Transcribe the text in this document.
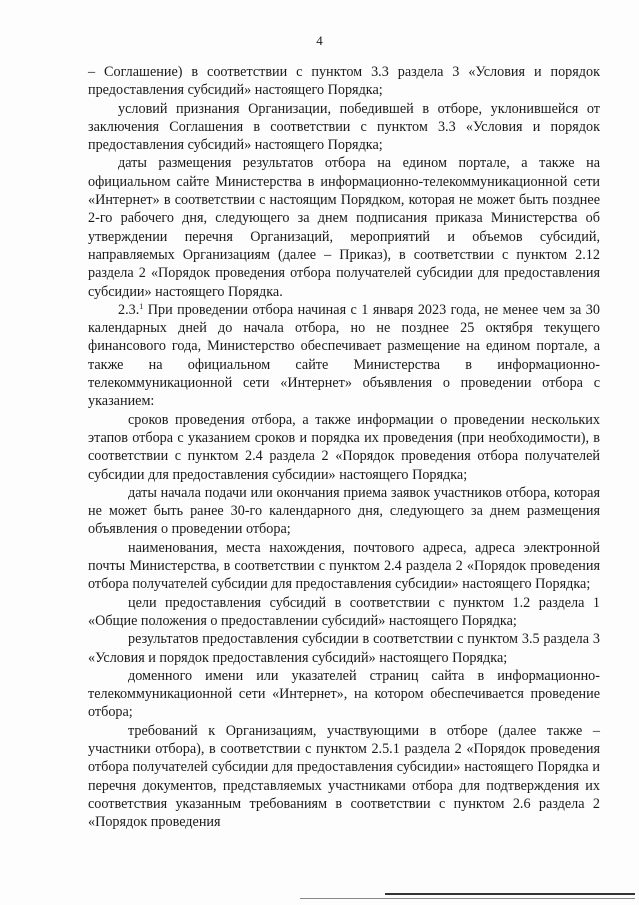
4

– Соглашение) в соответствии с пунктом 3.3 раздела 3 «Условия и порядок предоставления субсидий» настоящего Порядка;

условий признания Организации, победившей в отборе, уклонившейся от заключения Соглашения в соответствии с пунктом 3.3 «Условия и порядок предоставления субсидий» настоящего Порядка;

даты размещения результатов отбора на едином портале, а также на официальном сайте Министерства в информационно-телекоммуникационной сети «Интернет» в соответствии с настоящим Порядком, которая не может быть позднее 2-го рабочего дня, следующего за днем подписания приказа Министерства об утверждении перечня Организаций, мероприятий и объемов субсидий, направляемых Организациям (далее – Приказ), в соответствии с пунктом 2.12 раздела 2 «Порядок проведения отбора получателей субсидии для предоставления субсидии» настоящего Порядка.

2.3.$^1$ При проведении отбора начиная с 1 января 2023 года, не менее чем за 30 календарных дней до начала отбора, но не позднее 25 октября текущего финансового года, Министерство обеспечивает размещение на едином портале, а также на официальном сайте Министерства в информационно-телекоммуникационной сети «Интернет» объявления о проведении отбора с указанием:

сроков проведения отбора, а также информации о проведении нескольких этапов отбора с указанием сроков и порядка их проведения (при необходимости), в соответствии с пунктом 2.4 раздела 2 «Порядок проведения отбора получателей субсидии для предоставления субсидии» настоящего Порядка;

даты начала подачи или окончания приема заявок участников отбора, которая не может быть ранее 30-го календарного дня, следующего за днем размещения объявления о проведении отбора;

наименования, места нахождения, почтового адреса, адреса электронной почты Министерства, в соответствии с пунктом 2.4 раздела 2 «Порядок проведения отбора получателей субсидии для предоставления субсидии» настоящего Порядка;

цели предоставления субсидий в соответствии с пунктом 1.2 раздела 1 «Общие положения о предоставлении субсидий» настоящего Порядка;

результатов предоставления субсидии в соответствии с пунктом 3.5 раздела 3 «Условия и порядок предоставления субсидий» настоящего Порядка;

доменного имени или указателей страниц сайта в информационно-телекоммуникационной сети «Интернет», на котором обеспечивается проведение отбора;

требований к Организациям, участвующими в отборе (далее также – участники отбора), в соответствии с пунктом 2.5.1 раздела 2 «Порядок проведения отбора получателей субсидии для предоставления субсидии» настоящего Порядка и перечня документов, представляемых участниками отбора для подтверждения их соответствия указанным требованиям в соответствии с пунктом 2.6 раздела 2 «Порядок проведения
